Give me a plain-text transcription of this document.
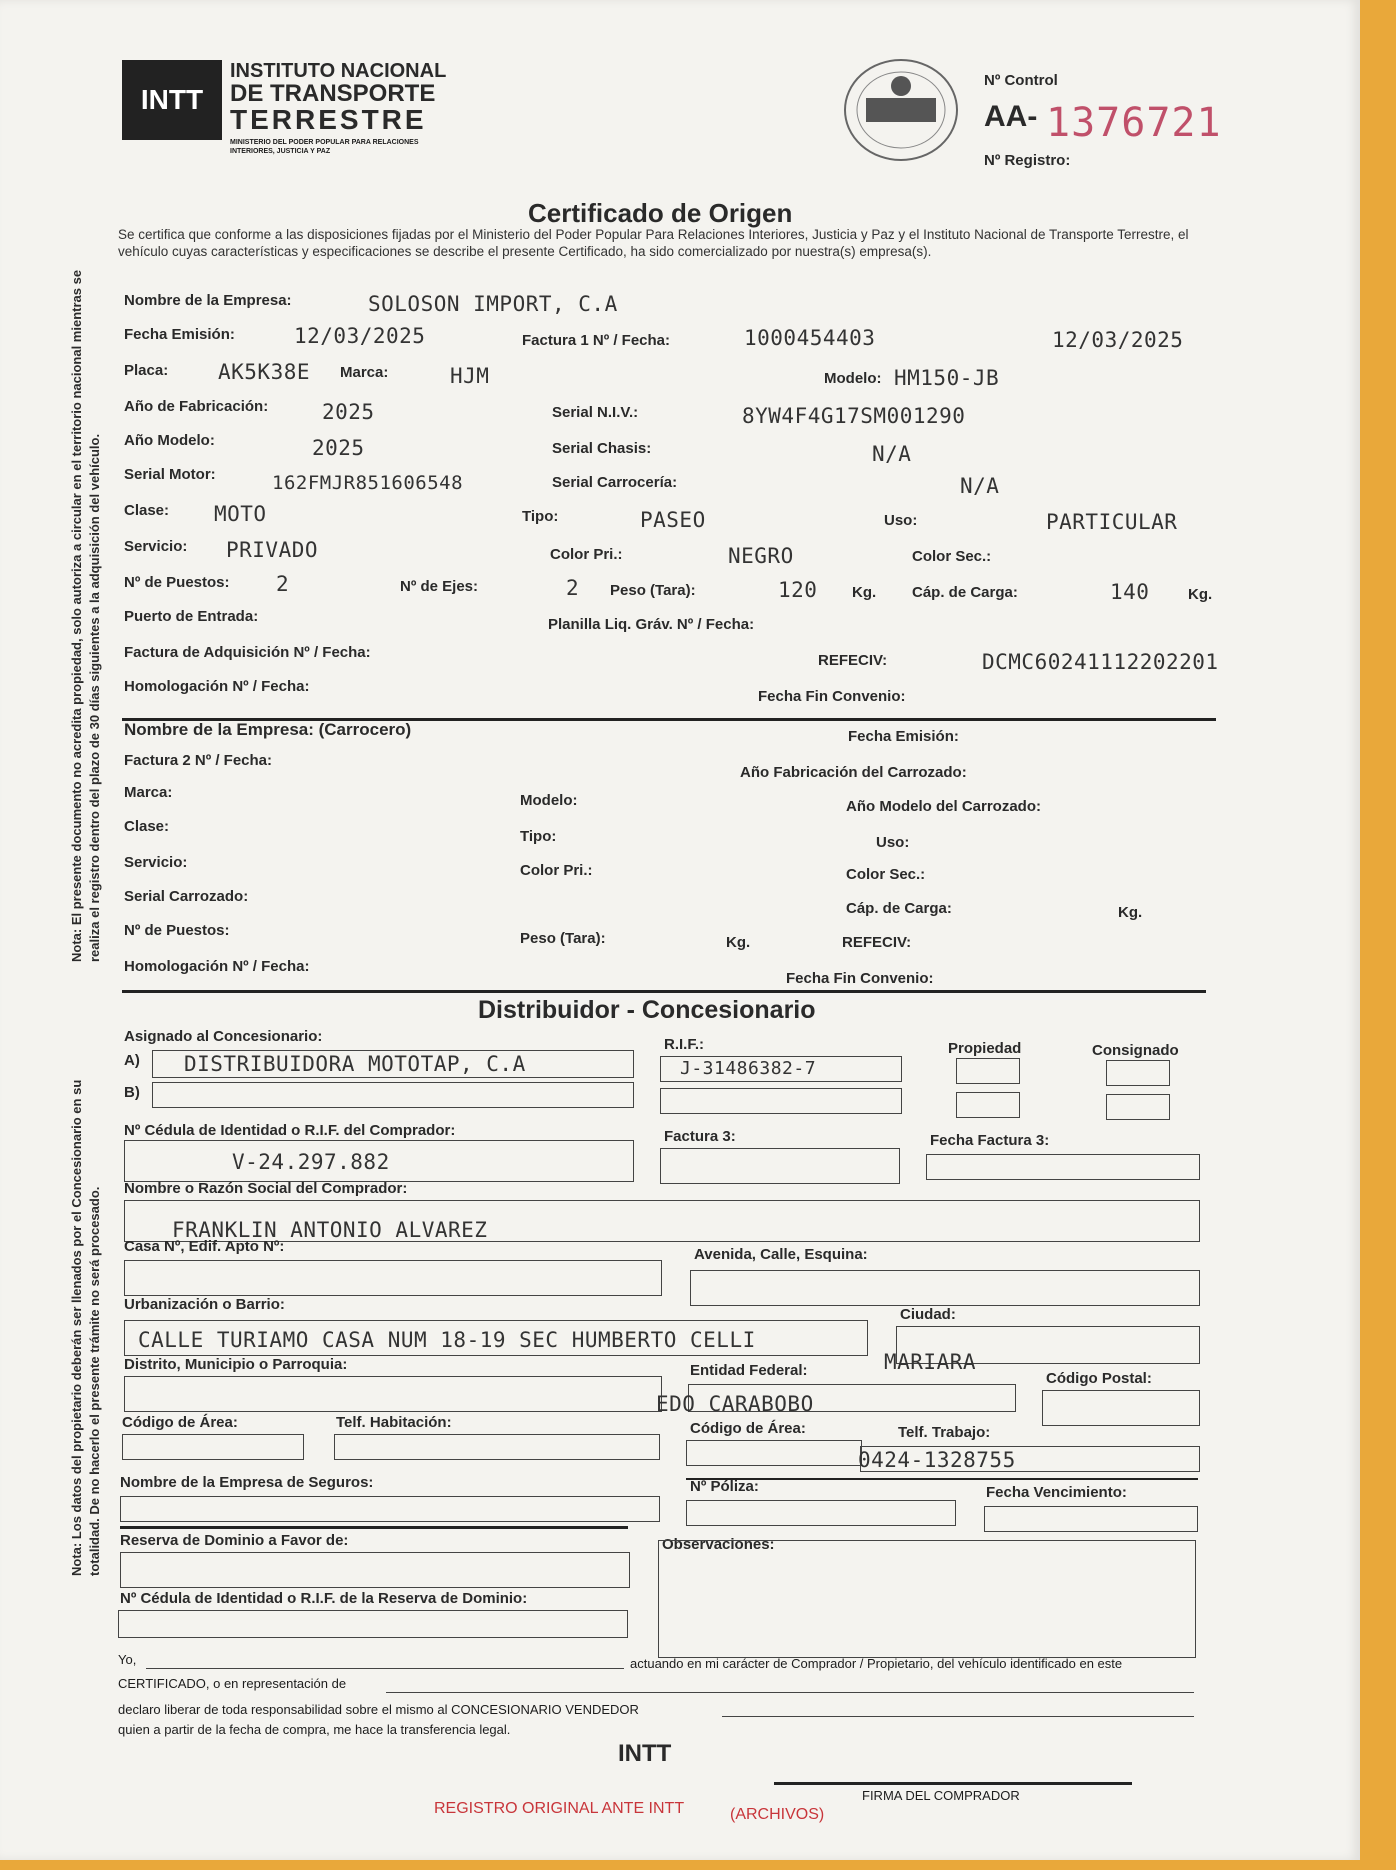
INTT
INSTITUTO NACIONAL
DE TRANSPORTE
TERRESTRE
MINISTERIO DEL PODER POPULAR PARA RELACIONES INTERIORES, JUSTICIA Y PAZ
Nº Control
AA- 1376721
Nº Registro:
Certificado de Origen
Se certifica que conforme a las disposiciones fijadas por el Ministerio del Poder Popular Para Relaciones Interiores, Justicia y Paz y el Instituto Nacional de Transporte Terrestre, el vehículo cuyas características y especificaciones se describe el presente Certificado, ha sido comercializado por nuestra(s) empresa(s).
Nota: El presente documento no acredita propiedad, solo autoriza a circular en el territorio nacional mientras se realiza el registro dentro del plazo de 30 días siguientes a la adquisición del vehículo.
Nota: Los datos del propietario deberán ser llenados por el Concesionario en su totalidad. De no hacerlo el presente trámite no será procesado.
Nombre de la Empresa:	SOLOSON IMPORT, C.A
Fecha Emisión:	12/03/2025	Factura 1 Nº / Fecha:	1000454403	12/03/2025
Placa: AK5K38E Marca:	HJM	Modelo: HM150-JB
Año de Fabricación:	2025	Serial N.I.V.:	8YW4F4G17SM001290
Año Modelo:	2025	Serial Chasis:	N/A
Serial Motor:	162FMJR851606548	Serial Carrocería:	N/A
Clase: MOTO	Tipo:	PASEO	Uso:	PARTICULAR
Servicio: PRIVADO	Color Pri.:	NEGRO	Color Sec.:
Nº de Puestos: 2	Nº de Ejes:	2 Peso (Tara):	120 Kg. Cáp. de Carga:	140	Kg.
Puerto de Entrada:	Planilla Liq. Gráv. Nº / Fecha:
Factura de Adquisición Nº / Fecha:	REFECIV:	DCMC60241112202201
Homologación Nº / Fecha:
Fecha Fin Convenio:
Nombre de la Empresa: (Carrocero)	Fecha Emisión:
Factura 2 Nº / Fecha:
Año Fabricación del Carrozado:
Marca:	Modelo:	Año Modelo del Carrozado:
Clase:
Tipo:	Uso:
Servicio:	Color Pri.:	Color Sec.:
Serial Carrozado:
Cáp. de Carga:	Kg.
Nº de Puestos:	Peso (Tara):	Kg.	REFECIV:
Homologación Nº / Fecha:
Fecha Fin Convenio:
Distribuidor - Concesionario
Asignado al Concesionario:
A) DISTRIBUIDORA MOTOTAP, C.A
B)
R.I.F.:
J-31486382-7
Propiedad	Consignado
Nº Cédula de Identidad o R.I.F. del Comprador:
V-24.297.882
Factura 3:	Fecha Factura 3:
Nombre o Razón Social del Comprador:
FRANKLIN ANTONIO ALVAREZ
Casa Nº, Edif. Apto Nº:	Avenida, Calle, Esquina:
Urbanización o Barrio:
CALLE TURIAMO CASA NUM 18-19 SEC HUMBERTO CELLI
Ciudad:
MARIARA
Distrito, Municipio o Parroquia:	Entidad Federal:
EDO CARABOBO
Código Postal:
Código de Área:	Telf. Habitación:	Código de Área:	Telf. Trabajo:
0424-1328755
Nombre de la Empresa de Seguros:	Nº Póliza:	Fecha Vencimiento:
Reserva de Dominio a Favor de:	Observaciones:
Nº Cédula de Identidad o R.I.F. de la Reserva de Dominio:
Yo,	actuando en mi carácter de Comprador / Propietario, del vehículo identificado en este
CERTIFICADO, o en representación de
declaro liberar de toda responsabilidad sobre el mismo al CONCESIONARIO VENDEDOR
quien a partir de la fecha de compra, me hace la transferencia legal.
INTT
FIRMA DEL COMPRADOR
REGISTRO ORIGINAL ANTE INTT	(ARCHIVOS)
